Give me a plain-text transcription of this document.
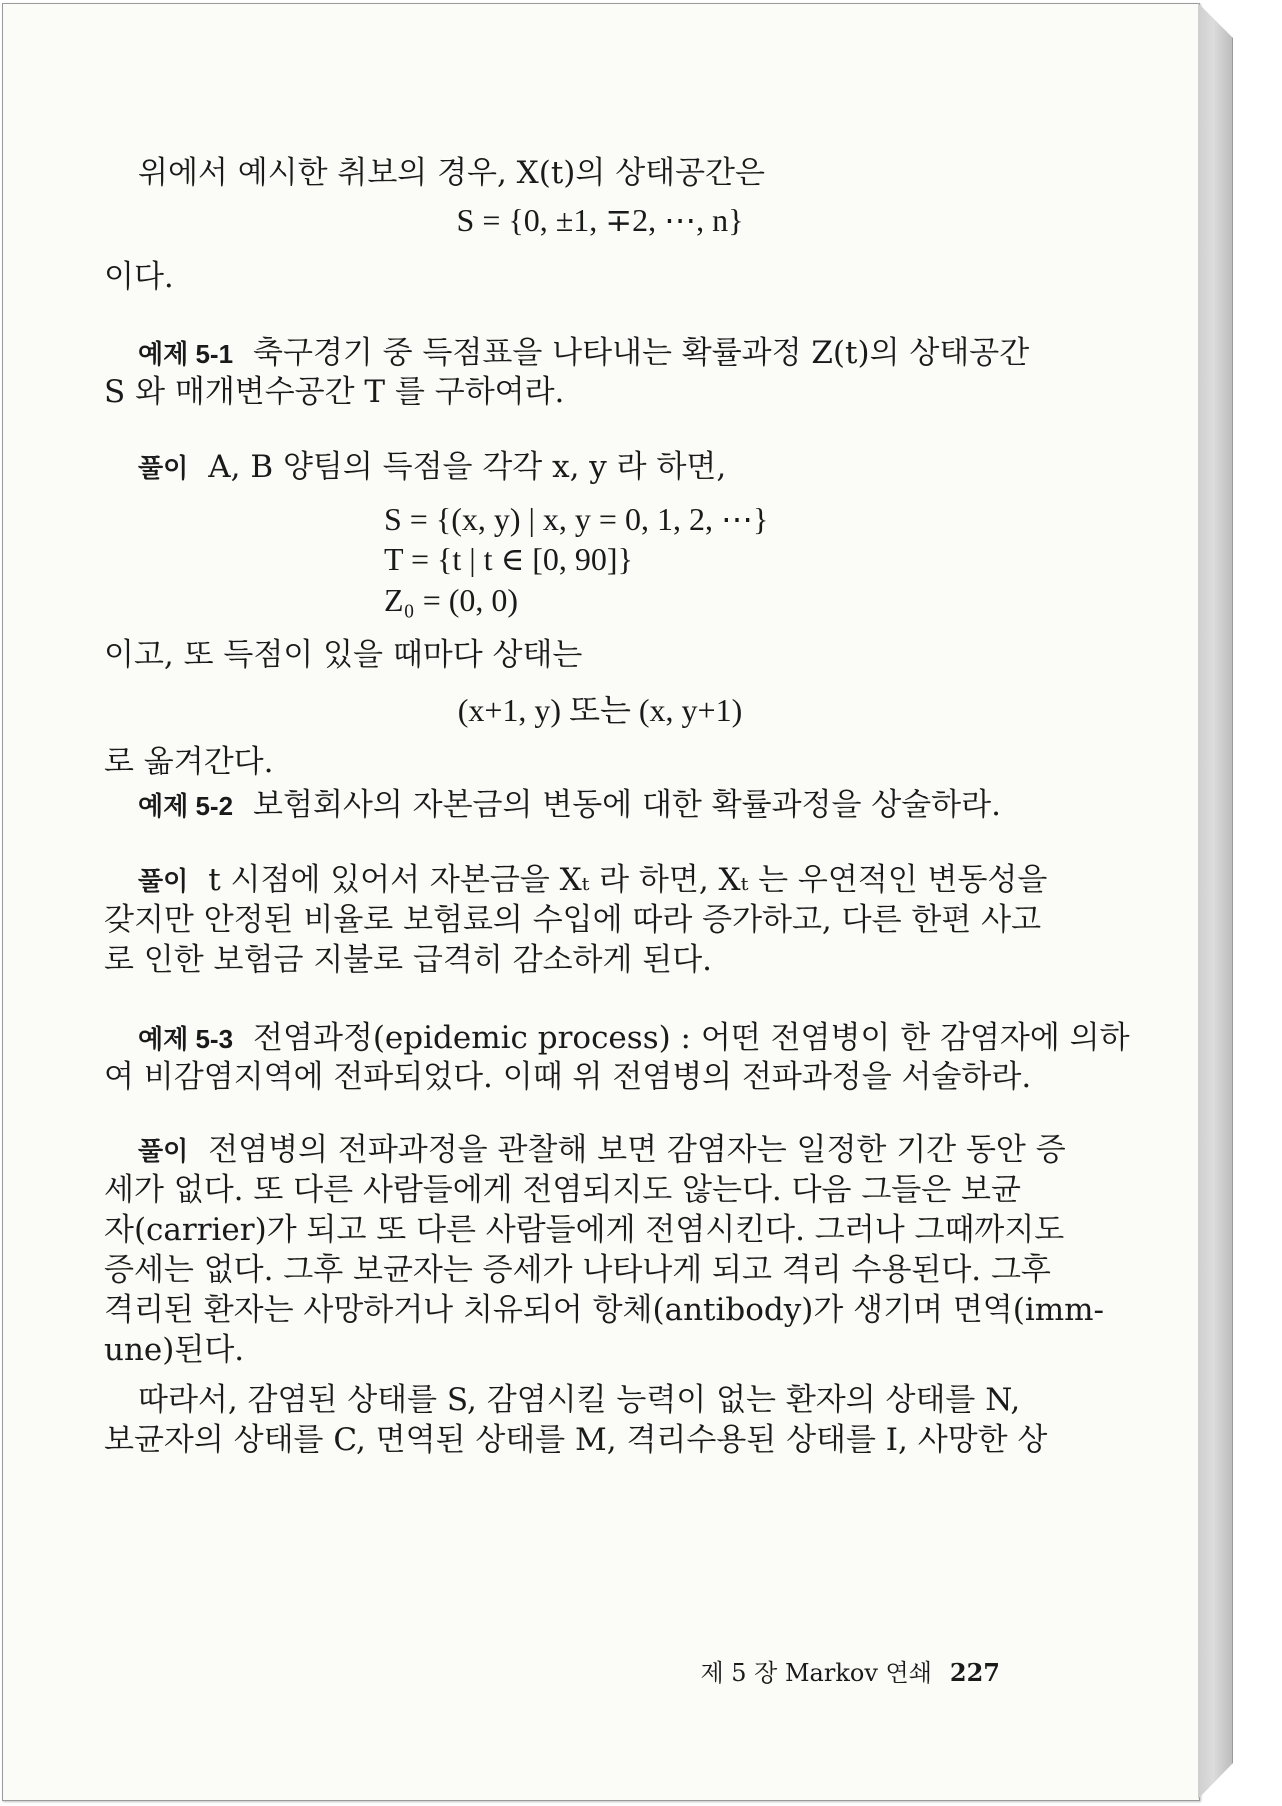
위에서 예시한 취보의 경우, X(t)의 상태공간은
S = {0, ±1, ∓2, ⋯, n}
이다.
예제 5-1 축구경기 중 득점표을 나타내는 확률과정 Z(t)의 상태공간
S 와 매개변수공간 T 를 구하여라.
풀이 A, B 양팀의 득점을 각각 x, y 라 하면,
S = {(x, y) | x, y = 0, 1, 2, ⋯}
T = {t | t ∈ [0, 90]}
Z₀ = (0, 0)
이고, 또 득점이 있을 때마다 상태는
(x+1, y) 또는 (x, y+1)
로 옮겨간다.
예제 5-2 보험회사의 자본금의 변동에 대한 확률과정을 상술하라.
풀이 t 시점에 있어서 자본금을 Xₜ 라 하면, Xₜ 는 우연적인 변동성을
갖지만 안정된 비율로 보험료의 수입에 따라 증가하고, 다른 한편 사고
로 인한 보험금 지불로 급격히 감소하게 된다.
예제 5-3 전염과정(epidemic process) : 어떤 전염병이 한 감염자에 의하
여 비감염지역에 전파되었다. 이때 위 전염병의 전파과정을 서술하라.
풀이 전염병의 전파과정을 관찰해 보면 감염자는 일정한 기간 동안 증
세가 없다. 또 다른 사람들에게 전염되지도 않는다. 다음 그들은 보균
자(carrier)가 되고 또 다른 사람들에게 전염시킨다. 그러나 그때까지도
증세는 없다. 그후 보균자는 증세가 나타나게 되고 격리 수용된다. 그후
격리된 환자는 사망하거나 치유되어 항체(antibody)가 생기며 면역(imm-
une)된다.
따라서, 감염된 상태를 S, 감염시킬 능력이 없는 환자의 상태를 N,
보균자의 상태를 C, 면역된 상태를 M, 격리수용된 상태를 I, 사망한 상
제 5 장 Markov 연쇄 227
